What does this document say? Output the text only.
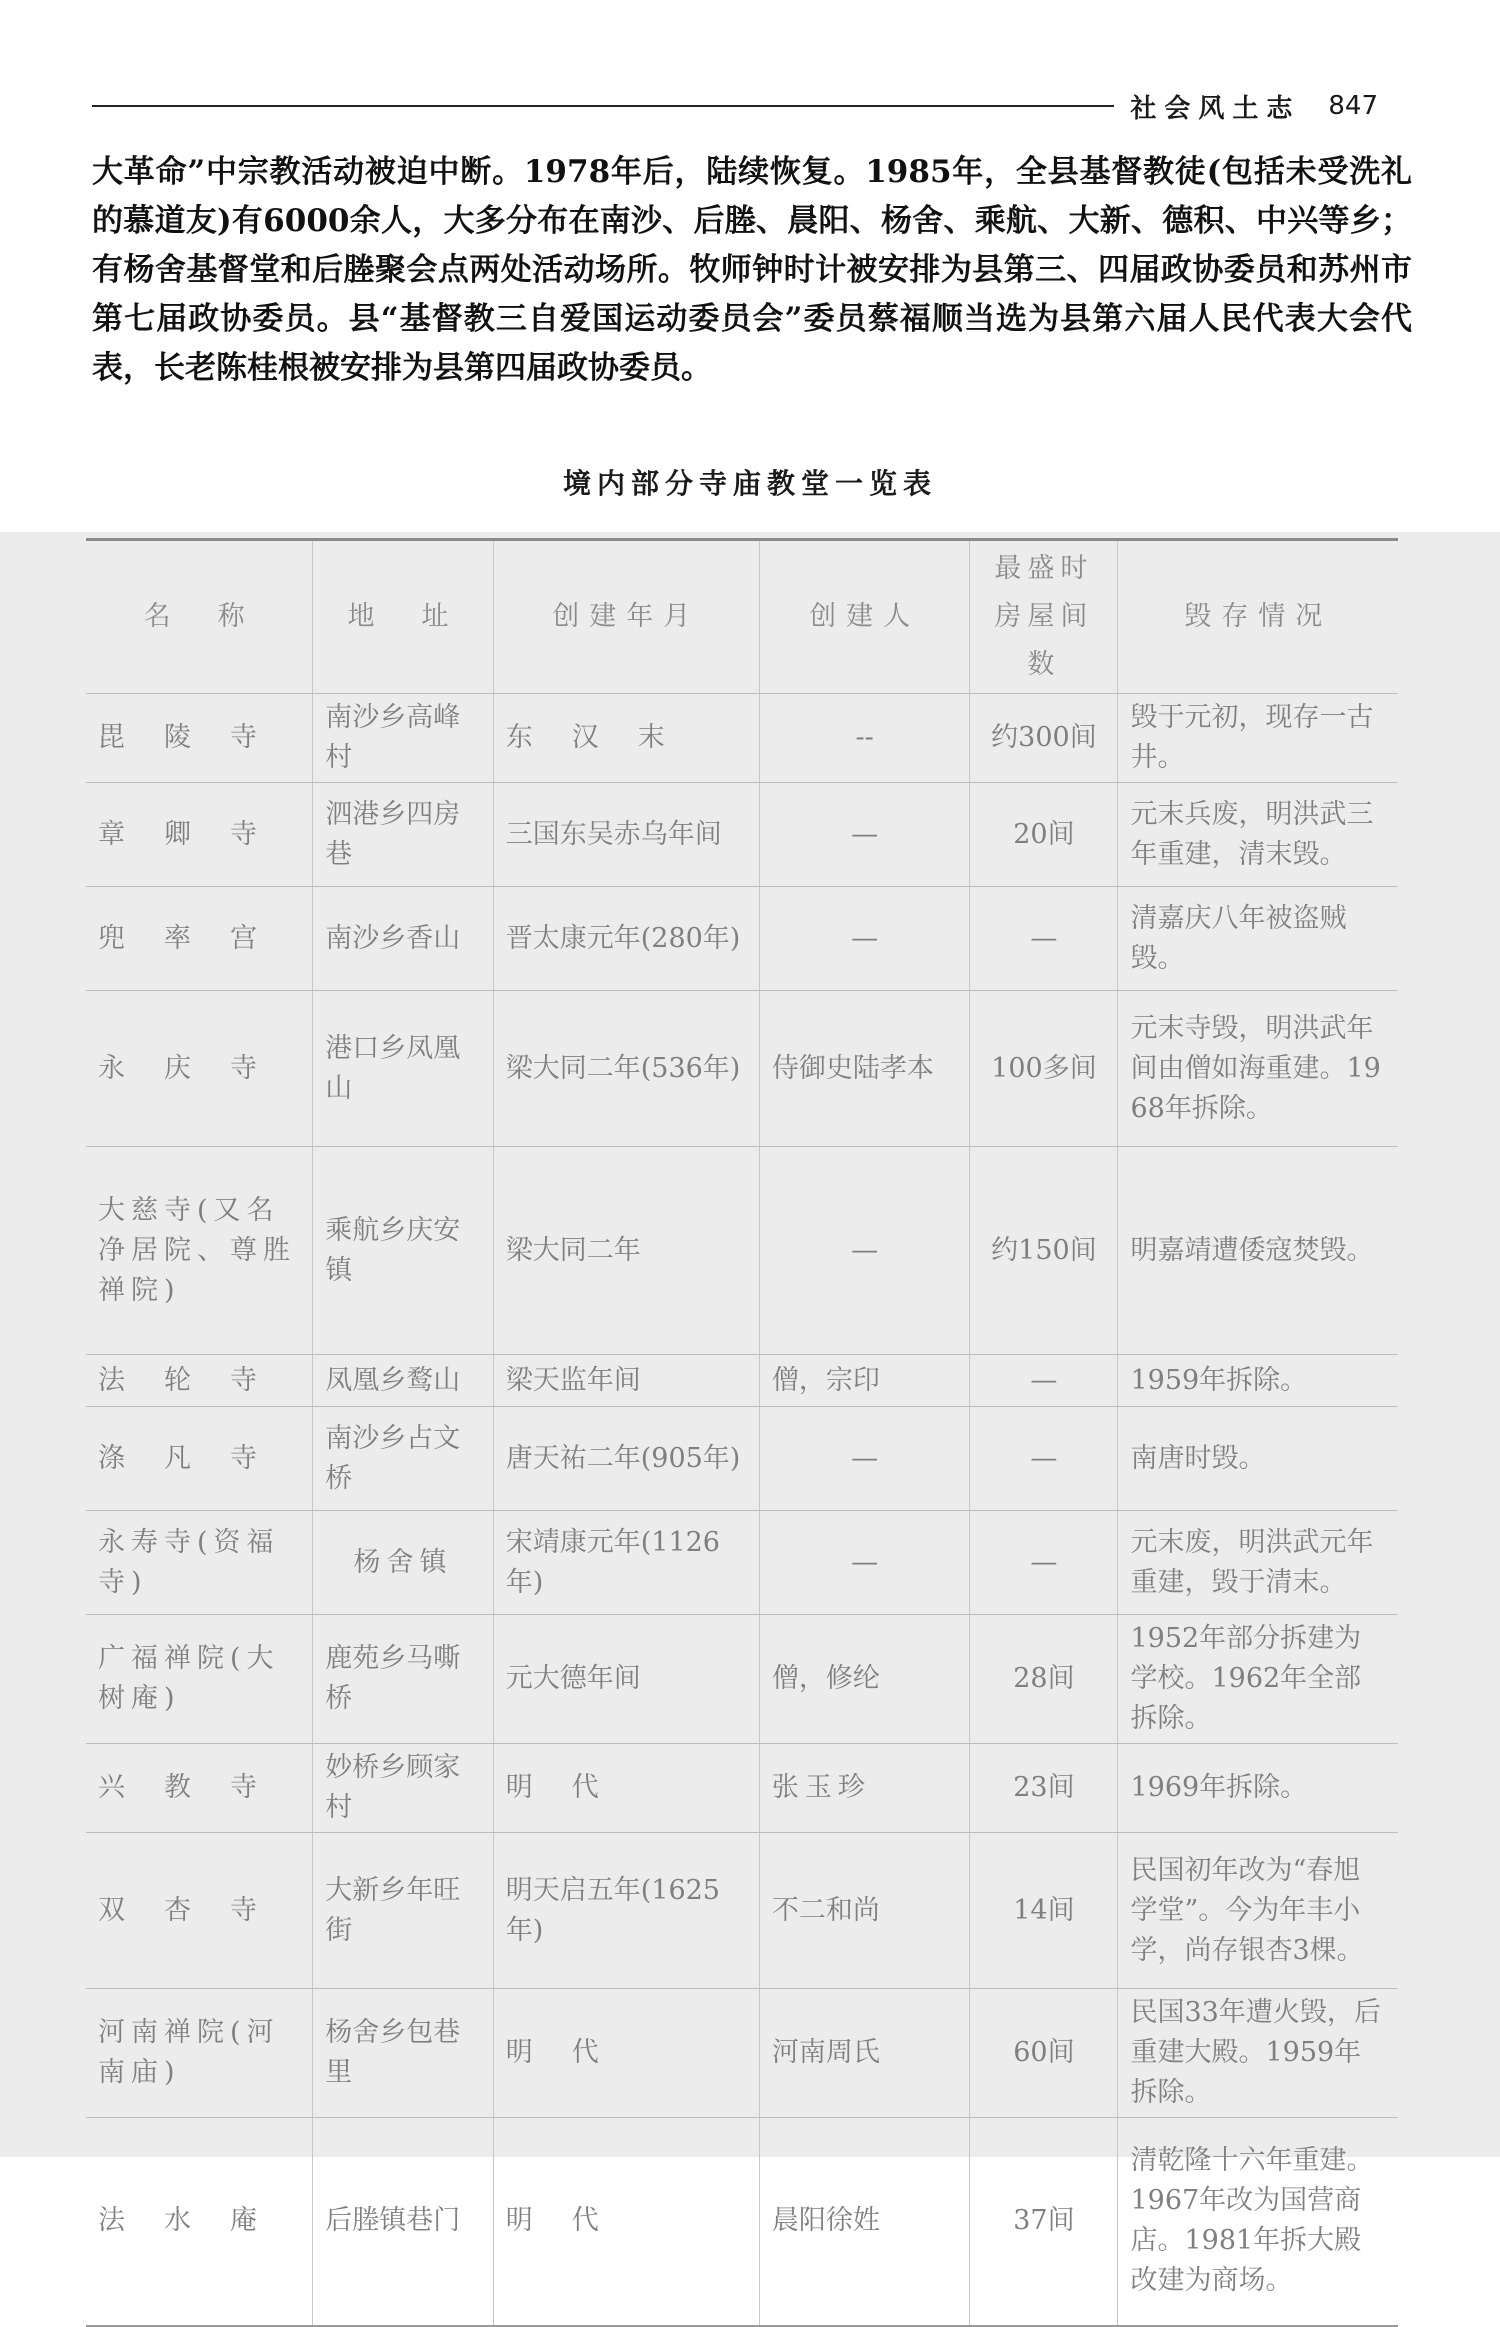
社会风土志 847
大革命”中宗教活动被迫中断。1978年后，陆续恢复。1985年，全县基督教徒(包括未受洗礼的慕道友)有6000余人，大多分布在南沙、后塍、晨阳、杨舍、乘航、大新、德积、中兴等乡；有杨舍基督堂和后塍聚会点两处活动场所。牧师钟时计被安排为县第三、四届政协委员和苏州市第七届政协委员。县“基督教三自爱国运动委员会”委员蔡福顺当选为县第六届人民代表大会代表，长老陈桂根被安排为县第四届政协委员。
境内部分寺庙教堂一览表
名　称	地　址	创建年月	创建人	最盛时房屋间数	毁存情况
毘　陵　寺	南沙乡高峰村	东　汉　末	--	约300间	毁于元初，现存一古井。
章　卿　寺	泗港乡四房巷	三国东吴赤乌年间	—	20间	元末兵废，明洪武三年重建，清末毁。
兜　率　宫	南沙乡香山	晋太康元年(280年)	—	—	清嘉庆八年被盗贼毁。
永　庆　寺	港口乡凤凰山	梁大同二年(536年)	侍御史陆孝本	100多间	元末寺毁，明洪武年间由僧如海重建。1968年拆除。
大慈寺(又名净居院、尊胜禅院)	乘航乡庆安镇	梁大同二年	—	约150间	明嘉靖遭倭寇焚毁。
法　轮　寺	凤凰乡鹜山	梁天监年间	僧，宗印	—	1959年拆除。
涤　凡　寺	南沙乡占文桥	唐天祐二年(905年)	—	—	南唐时毁。
永寿寺(资福寺)	杨舍镇	宋靖康元年(1126年)	—	—	元末废，明洪武元年重建，毁于清末。
广福禅院(大树庵)	鹿苑乡马嘶桥	元大德年间	僧，修纶	28间	1952年部分拆建为学校。1962年全部拆除。
兴　教　寺	妙桥乡顾家村	明　代	张玉珍	23间	1969年拆除。
双　杏　寺	大新乡年旺街	明天启五年(1625年)	不二和尚	14间	民国初年改为“春旭学堂”。今为年丰小学，尚存银杏3棵。
河南禅院(河南庙)	杨舍乡包巷里	明　代	河南周氏	60间	民国33年遭火毁，后重建大殿。1959年拆除。
法　水　庵	后塍镇巷门	明　代	晨阳徐姓	37间	清乾隆十六年重建。1967年改为国营商店。1981年拆大殿改建为商场。
